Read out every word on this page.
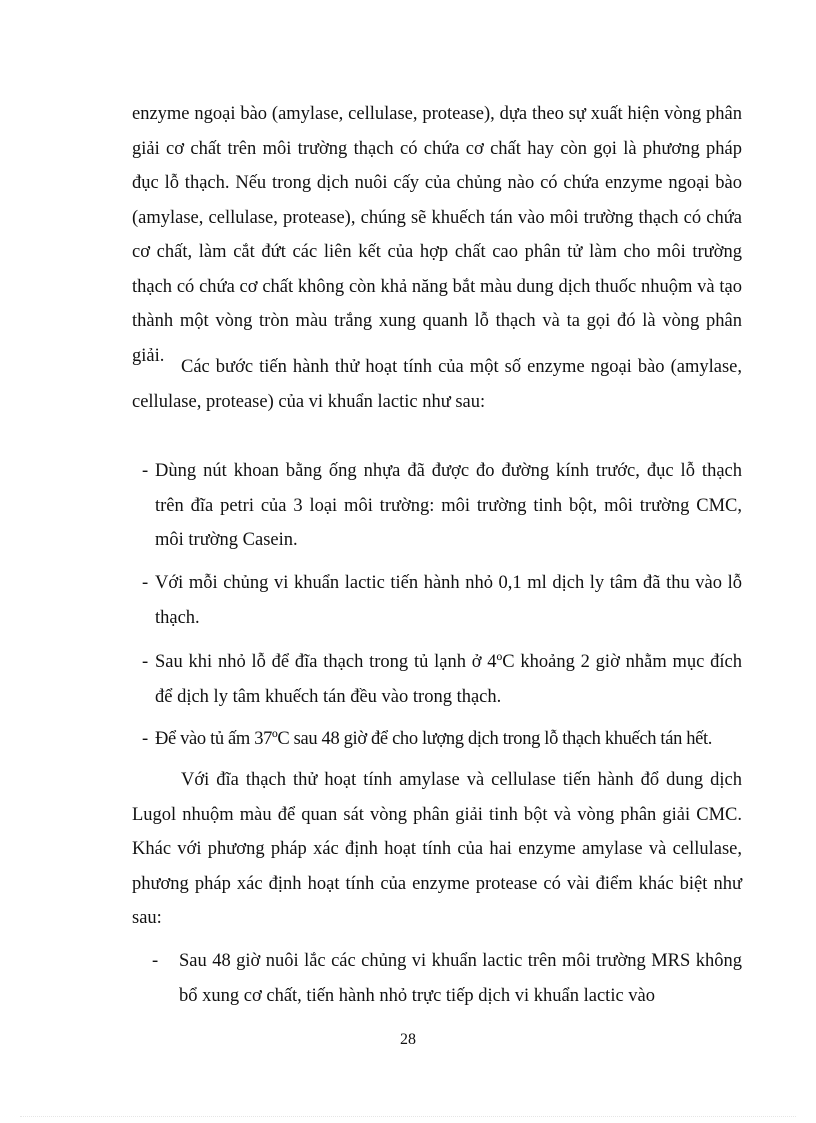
enzyme ngoại bào (amylase, cellulase, protease), dựa theo sự xuất hiện vòng phân giải cơ chất trên môi trường thạch có chứa cơ chất hay còn gọi là phương pháp đục lỗ thạch. Nếu trong dịch nuôi cấy của chủng nào có chứa enzyme ngoại bào (amylase, cellulase, protease), chúng sẽ khuếch tán vào môi trường thạch có chứa cơ chất, làm cắt đứt các liên kết của hợp chất cao phân tử làm cho môi trường thạch có chứa cơ chất không còn khả năng bắt màu dung dịch thuốc nhuộm và tạo thành một vòng tròn màu trắng xung quanh lỗ thạch và ta gọi đó là vòng phân giải.

Các bước tiến hành thử hoạt tính của một số enzyme ngoại bào (amylase, cellulase, protease) của vi khuẩn lactic như sau:

- Dùng nút khoan bằng ống nhựa đã được đo đường kính trước, đục lỗ thạch trên đĩa petri của 3 loại môi trường: môi trường tinh bột, môi trường CMC, môi trường Casein.
- Với mỗi chủng vi khuẩn lactic tiến hành nhỏ 0,1 ml dịch ly tâm đã thu vào lỗ thạch.
- Sau khi nhỏ lỗ để đĩa thạch trong tủ lạnh ở 4ºC khoảng 2 giờ nhằm mục đích để dịch ly tâm khuếch tán đều vào trong thạch.
- Để vào tủ ấm 37ºC sau 48 giờ để cho lượng dịch trong lỗ thạch khuếch tán hết.

Với đĩa thạch thử hoạt tính amylase và cellulase tiến hành đổ dung dịch Lugol nhuộm màu để quan sát vòng phân giải tinh bột và vòng phân giải CMC. Khác với phương pháp xác định hoạt tính của hai enzyme amylase và cellulase, phương pháp xác định hoạt tính của enzyme protease có vài điểm khác biệt như sau:

- Sau 48 giờ nuôi lắc các chủng vi khuẩn lactic trên môi trường MRS không bổ xung cơ chất, tiến hành nhỏ trực tiếp dịch vi khuẩn lactic vào
28
